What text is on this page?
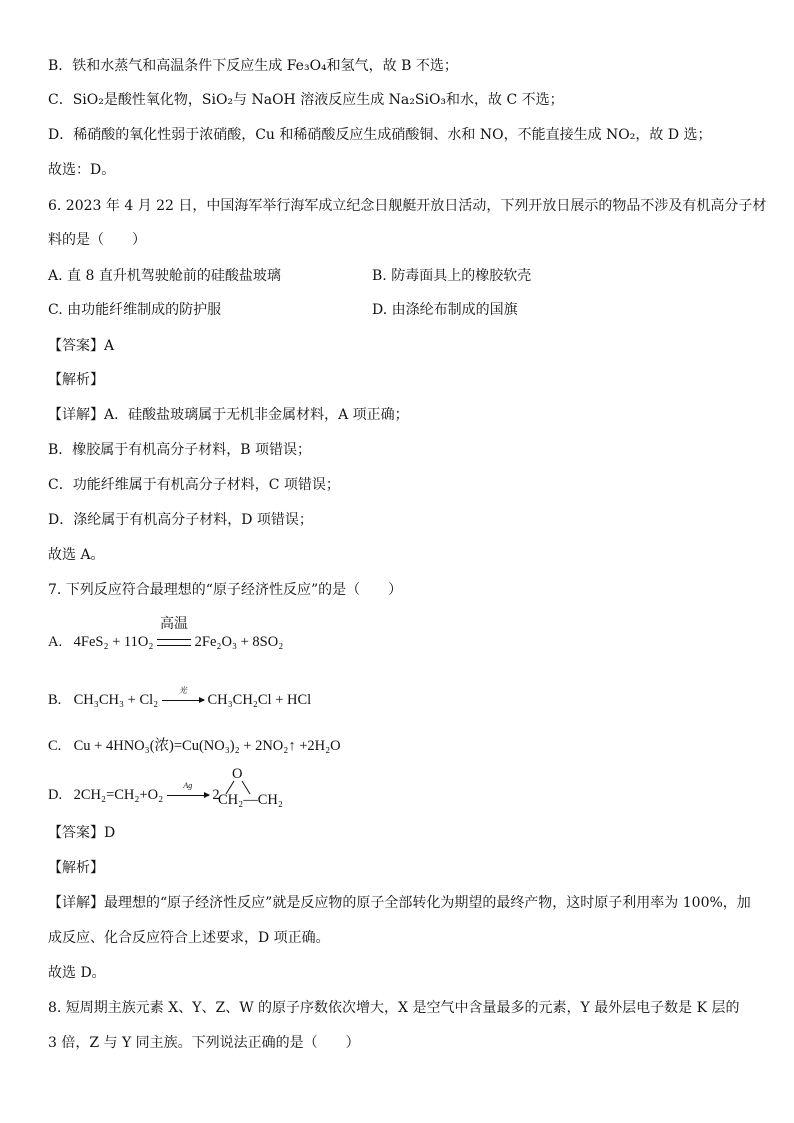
B．铁和水蒸气和高温条件下反应生成 Fe₃O₄和氢气，故 B 不选；
C．SiO₂是酸性氧化物，SiO₂与 NaOH 溶液反应生成 Na₂SiO₃和水，故 C 不选；
D．稀硝酸的氧化性弱于浓硝酸，Cu 和稀硝酸反应生成硝酸铜、水和 NO，不能直接生成 NO₂，故 D 选；
故选：D。
6. 2023 年 4 月 22 日，中国海军举行海军成立纪念日舰艇开放日活动，下列开放日展示的物品不涉及有机高分子材
料的是（　　）
A. 直 8 直升机驾驶舱前的硅酸盐玻璃	B. 防毒面具上的橡胶软壳
C. 由功能纤维制成的防护服	D. 由涤纶布制成的国旗
【答案】A
【解析】
【详解】A．硅酸盐玻璃属于无机非金属材料，A 项正确；
B．橡胶属于有机高分子材料，B 项错误；
C．功能纤维属于有机高分子材料，C 项错误；
D．涤纶属于有机高分子材料，D 项错误；
故选 A。
7. 下列反应符合最理想的“原子经济性反应”的是（　　）
A. 4FeS₂ + 11O₂
高温
2Fe₂O₃ + 8SO₂
B. CH₃CH₃ + Cl₂
光
CH₃CH₂Cl + HCl
C. Cu + 4HNO₃(浓)=Cu(NO₃)₂ + 2NO₂↑ +2H₂O
D. 2CH₂=CH₂+O₂
Ag
2
O
CH₂—CH₂
【答案】D
【解析】
【详解】最理想的“原子经济性反应”就是反应物的原子全部转化为期望的最终产物，这时原子利用率为 100%，加
成反应、化合反应符合上述要求，D 项正确。
故选 D。
8. 短周期主族元素 X、Y、Z、W 的原子序数依次增大，X 是空气中含量最多的元素，Y 最外层电子数是 K 层的
3 倍，Z 与 Y 同主族。下列说法正确的是（　　）
